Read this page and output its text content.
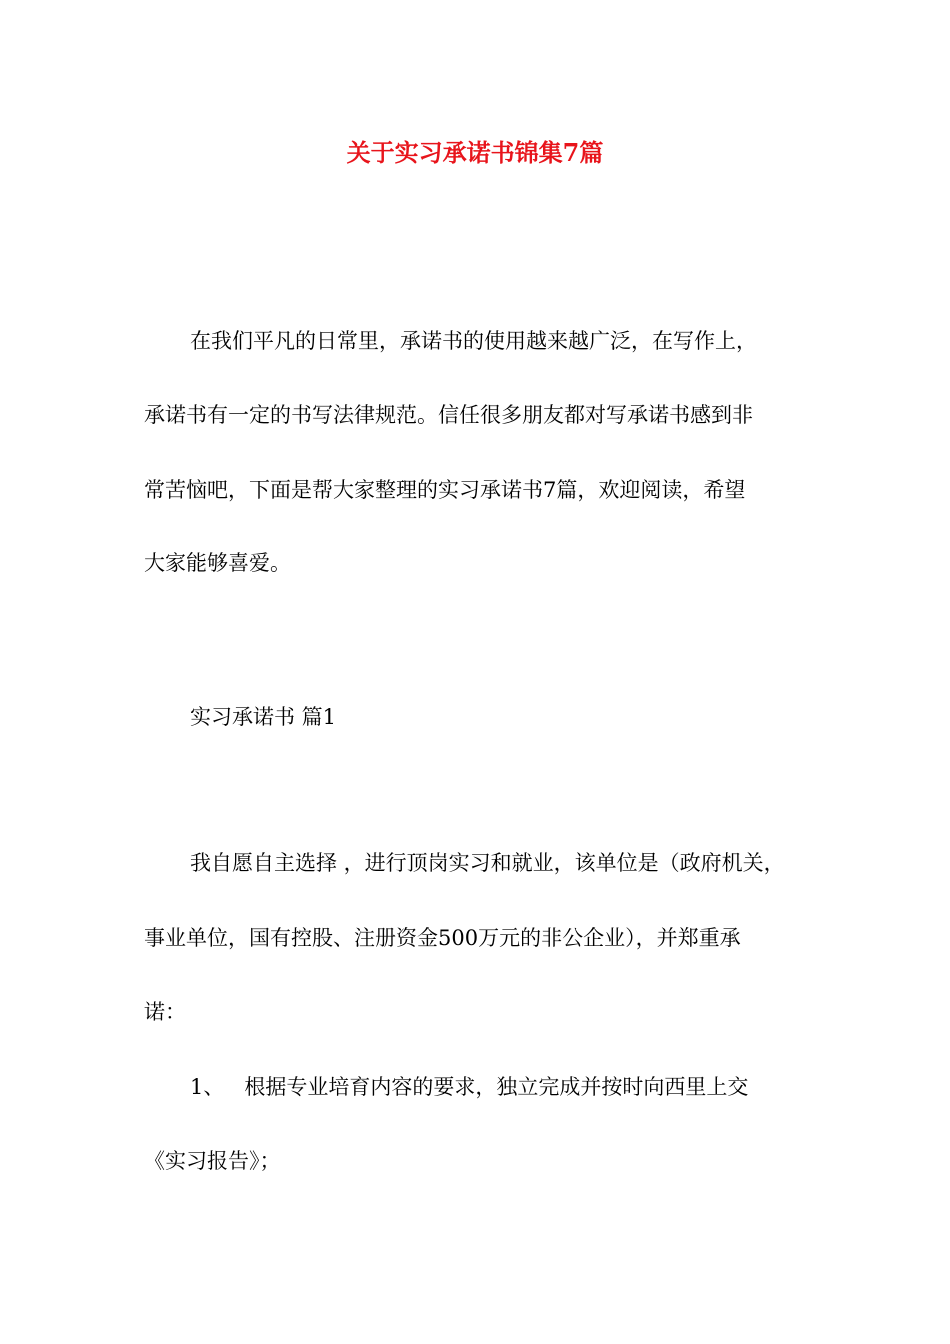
关于实习承诺书锦集7篇

在我们平凡的日常里，承诺书的使用越来越广泛，在写作上，

承诺书有一定的书写法律规范。信任很多朋友都对写承诺书感到非

常苦恼吧，下面是帮大家整理的实习承诺书7篇，欢迎阅读，希望

大家能够喜爱。

实习承诺书 篇1

我自愿自主选择 ，进行顶岗实习和就业，该单位是（政府机关，

事业单位，国有控股、注册资金500万元的非公企业），并郑重承

诺：

1、 根据专业培育内容的要求，独立完成并按时向西里上交

《实习报告》；
